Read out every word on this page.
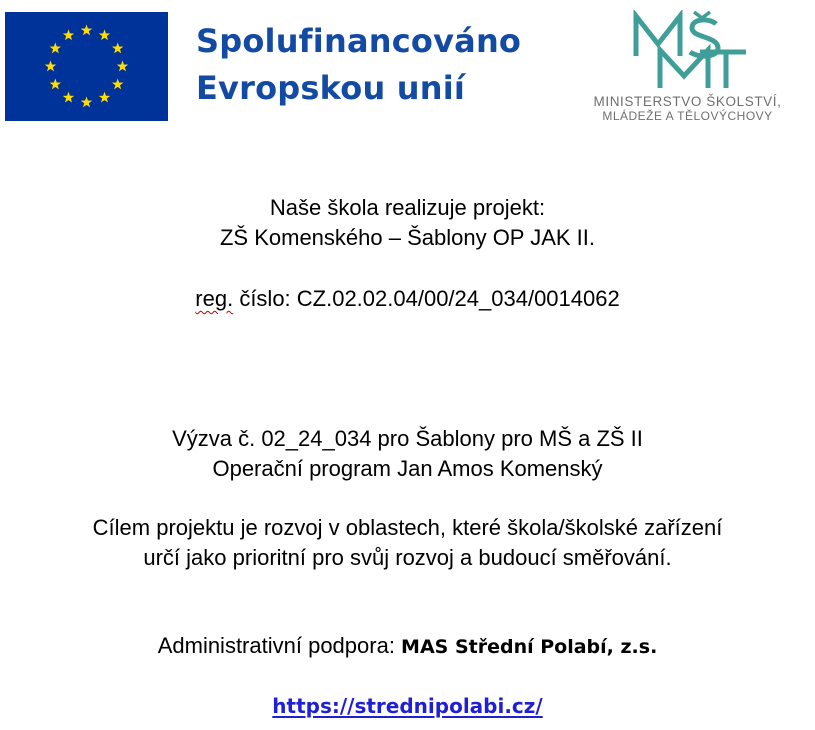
Spolufinancováno
Evropskou unií	MINISTERSTVO ŠKOLSTVÍ,
MLÁDEŽE A TĚLOVÝCHOVY
Naše škola realizuje projekt:
ZŠ Komenského – Šablony OP JAK II.
reg. číslo: CZ.02.02.04/00/24_034/0014062
Výzva č. 02_24_034 pro Šablony pro MŠ a ZŠ II
Operační program Jan Amos Komenský
Cílem projektu je rozvoj v oblastech, které škola/školské zařízení
určí jako prioritní pro svůj rozvoj a budoucí směřování.
Administrativní podpora: MAS Střední Polabí, z.s.
https://strednipolabi.cz/
